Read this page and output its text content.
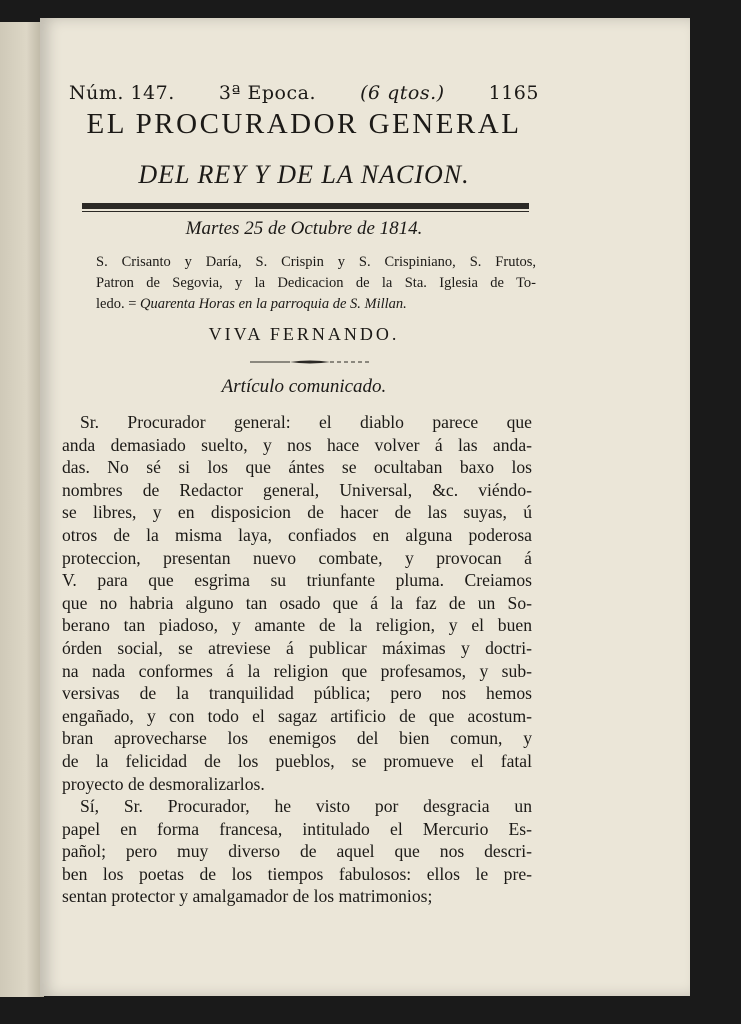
Núm. 147. 3ª Epoca. (6 qtos.) 1165
EL PROCURADOR GENERAL
DEL REY Y DE LA NACION.
Martes 25 de Octubre de 1814.
S. Crisanto y Daría, S. Crispin y S. Crispiniano, S. Frutos,
Patron de Segovia, y la Dedicacion de la Sta. Iglesia de To-
ledo. = Quarenta Horas en la parroquia de S. Millan.
VIVA FERNANDO.
Artículo comunicado.
Sr. Procurador general: el diablo parece que
anda demasiado suelto, y nos hace volver á las anda-
das. No sé si los que ántes se ocultaban baxo los
nombres de Redactor general, Universal, &c. viéndo-
se libres, y en disposicion de hacer de las suyas, ú
otros de la misma laya, confiados en alguna poderosa
proteccion, presentan nuevo combate, y provocan á
V. para que esgrima su triunfante pluma. Creiamos
que no habria alguno tan osado que á la faz de un So-
berano tan piadoso, y amante de la religion, y el buen
órden social, se atreviese á publicar máximas y doctri-
na nada conformes á la religion que profesamos, y sub-
versivas de la tranquilidad pública; pero nos hemos
engañado, y con todo el sagaz artificio de que acostum-
bran aprovecharse los enemigos del bien comun, y
de la felicidad de los pueblos, se promueve el fatal
proyecto de desmoralizarlos.
Sí, Sr. Procurador, he visto por desgracia un
papel en forma francesa, intitulado el Mercurio Es-
pañol; pero muy diverso de aquel que nos descri-
ben los poetas de los tiempos fabulosos: ellos le pre-
sentan protector y amalgamador de los matrimonios;
